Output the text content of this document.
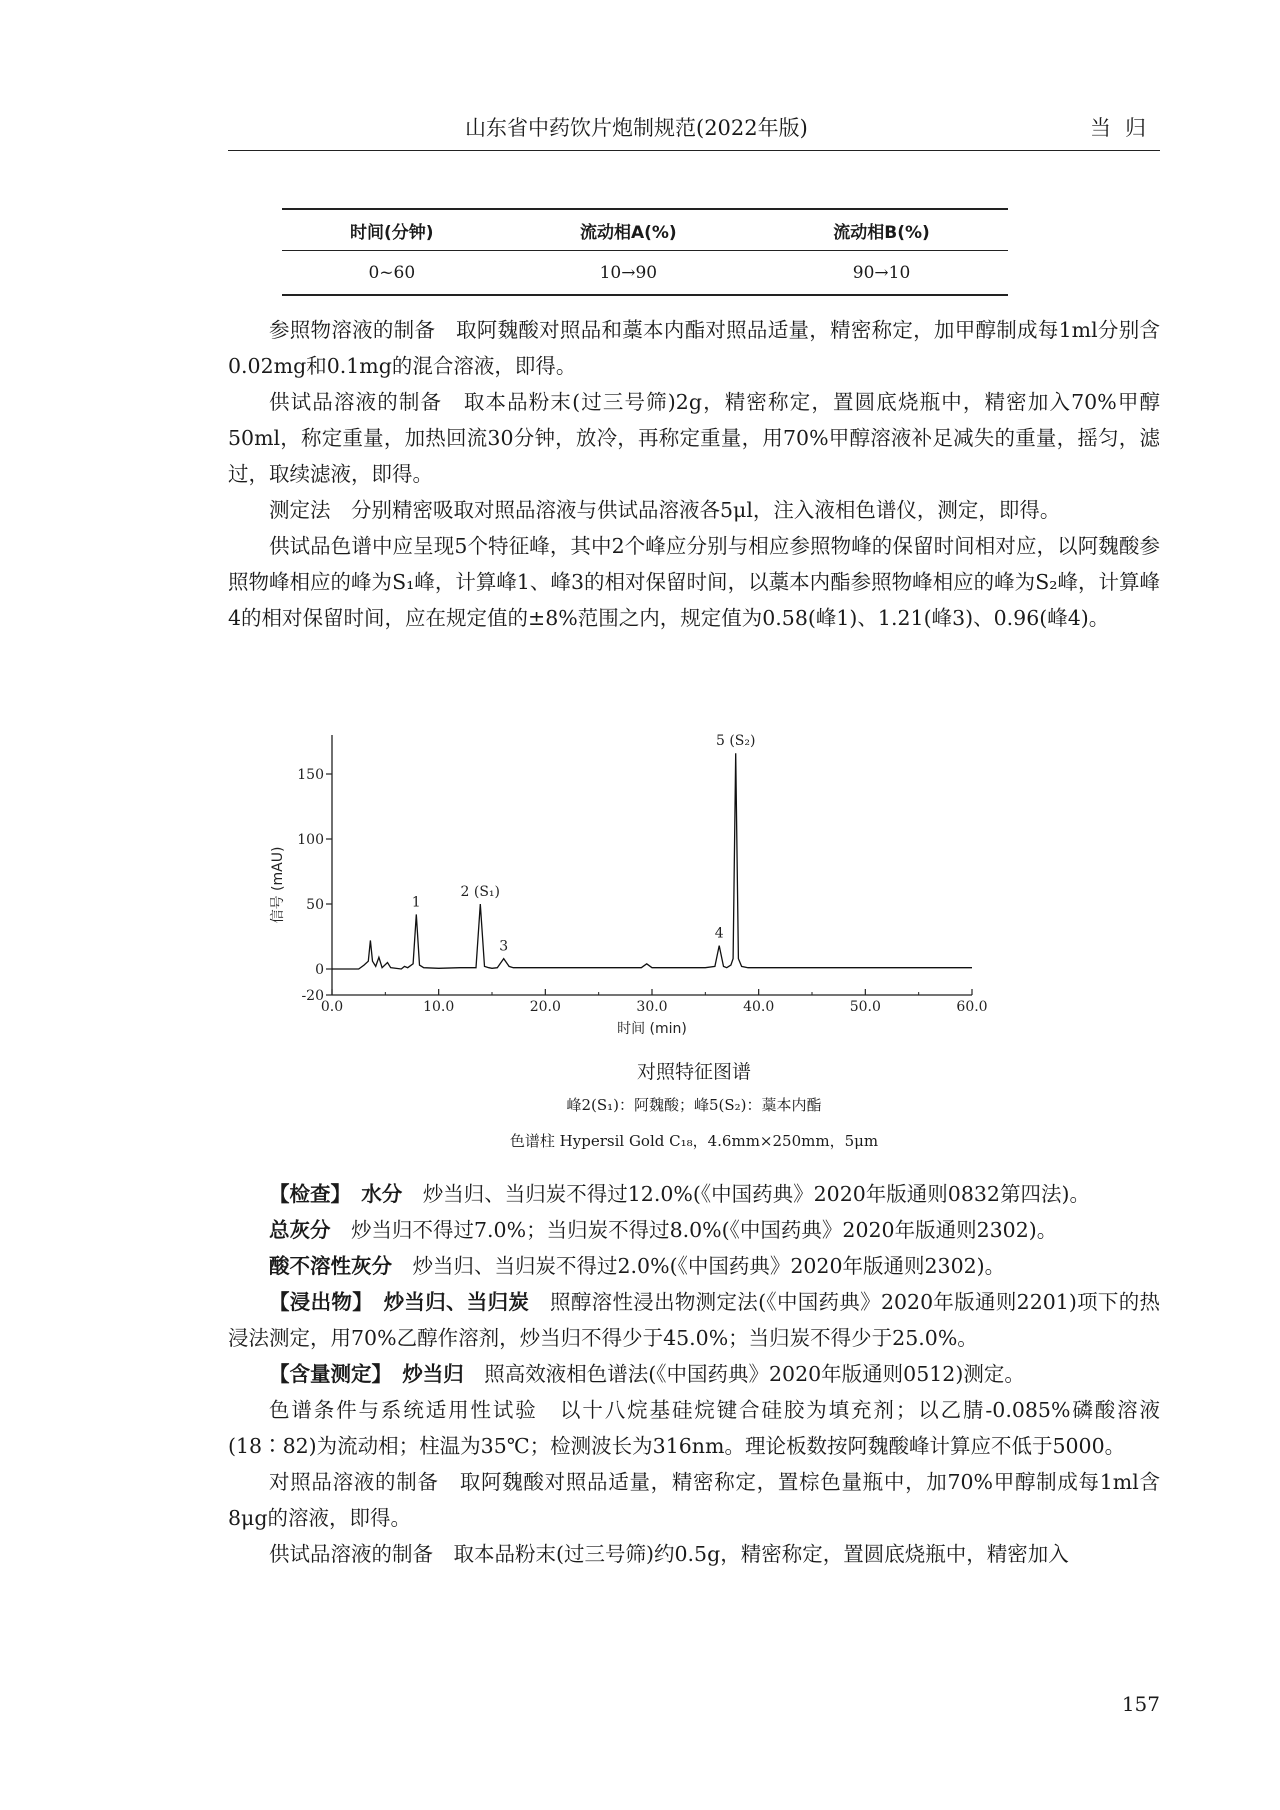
山东省中药饮片炮制规范(2022年版)	当归
时间(分钟)	流动相A(%)	流动相B(%)
0~60	10→90	90→10

参照物溶液的制备　取阿魏酸对照品和藁本内酯对照品适量，精密称定，加甲醇制成每1ml分别含0.02mg和0.1mg的混合溶液，即得。

供试品溶液的制备　取本品粉末(过三号筛)2g，精密称定，置圆底烧瓶中，精密加入70%甲醇50ml，称定重量，加热回流30分钟，放冷，再称定重量，用70%甲醇溶液补足减失的重量，摇匀，滤过，取续滤液，即得。

测定法　分别精密吸取对照品溶液与供试品溶液各5μl，注入液相色谱仪，测定，即得。

供试品色谱中应呈现5个特征峰，其中2个峰应分别与相应参照物峰的保留时间相对应，以阿魏酸参照物峰相应的峰为S₁峰，计算峰1、峰3的相对保留时间，以藁本内酯参照物峰相应的峰为S₂峰，计算峰4的相对保留时间，应在规定值的±8%范围之内，规定值为0.58(峰1)、1.21(峰3)、0.96(峰4)。

0.0	10.0	20.0	30.0	40.0	50.0	60.0
-20
0
50
100
150
1
2 (S₁)
3
4
5 (S₂)
时间 (min)
信号 (mAU)
对照特征图谱
峰2(S₁)：阿魏酸；峰5(S₂)：藁本内酯
色谱柱 Hypersil Gold C₁₈，4.6mm×250mm，5μm

【检查】　 水分　 炒当归、当归炭不得过12.0%(《中国药典》2020年版通则0832第四法)。

总灰分　 炒当归不得过7.0%；当归炭不得过8.0%(《中国药典》2020年版通则2302)。

酸不溶性灰分　 炒当归、当归炭不得过2.0%(《中国药典》2020年版通则2302)。

【浸出物】　 炒当归、当归炭　 照醇溶性浸出物测定法(《中国药典》2020年版通则2201)项下的热浸法测定，用70%乙醇作溶剂，炒当归不得少于45.0%；当归炭不得少于25.0%。

【含量测定】　 炒当归　 照高效液相色谱法(《中国药典》2020年版通则0512)测定。

色谱条件与系统适用性试验　以十八烷基硅烷键合硅胶为填充剂；以乙腈-0.085%磷酸溶液(18∶82)为流动相；柱温为35℃；检测波长为316nm。理论板数按阿魏酸峰计算应不低于5000。

对照品溶液的制备　取阿魏酸对照品适量，精密称定，置棕色量瓶中，加70%甲醇制成每1ml含8μg的溶液，即得。

供试品溶液的制备　取本品粉末(过三号筛)约0.5g，精密称定，置圆底烧瓶中，精密加入

157
